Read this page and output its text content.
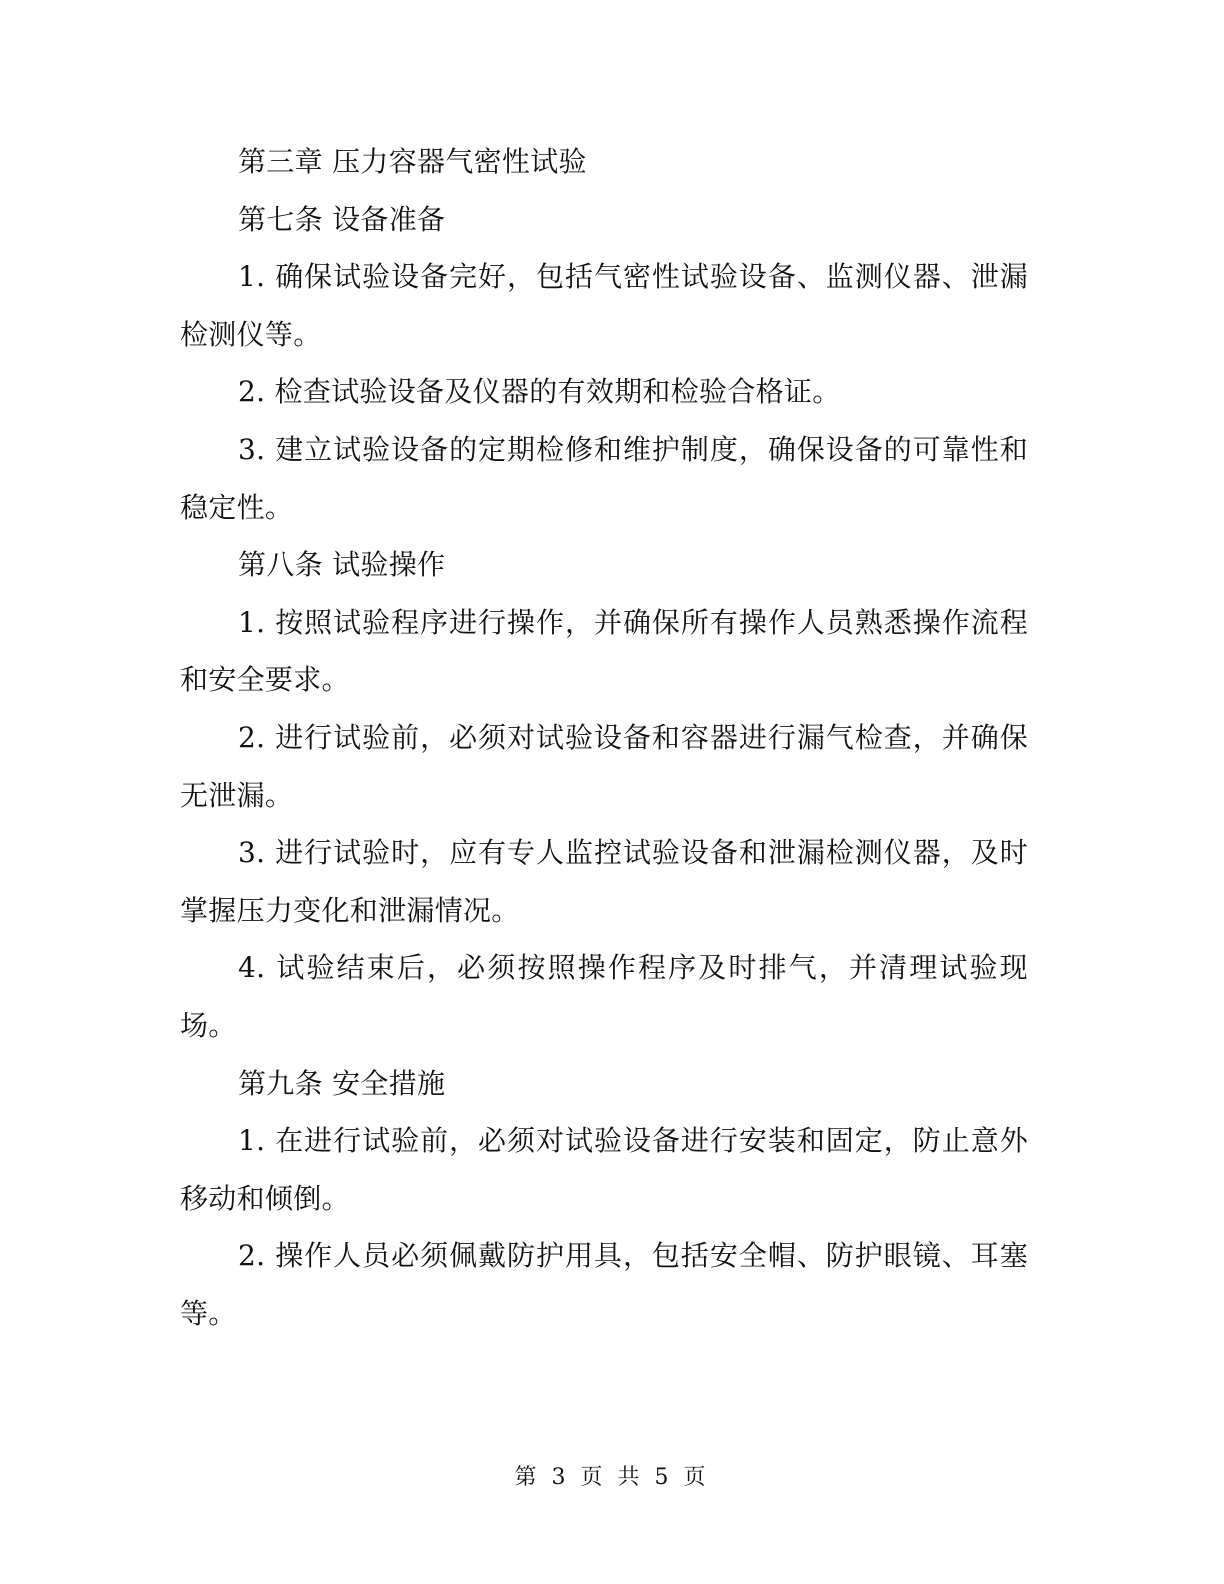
第三章 压力容器气密性试验

第七条 设备准备

1. 确保试验设备完好，包括气密性试验设备、监测仪器、泄漏检测仪等。

2. 检查试验设备及仪器的有效期和检验合格证。

3. 建立试验设备的定期检修和维护制度，确保设备的可靠性和稳定性。

第八条 试验操作

1. 按照试验程序进行操作，并确保所有操作人员熟悉操作流程和安全要求。

2. 进行试验前，必须对试验设备和容器进行漏气检查，并确保无泄漏。

3. 进行试验时，应有专人监控试验设备和泄漏检测仪器，及时掌握压力变化和泄漏情况。

4. 试验结束后，必须按照操作程序及时排气，并清理试验现场。

第九条 安全措施

1. 在进行试验前，必须对试验设备进行安装和固定，防止意外移动和倾倒。

2. 操作人员必须佩戴防护用具，包括安全帽、防护眼镜、耳塞等。

第 3 页 共 5 页
